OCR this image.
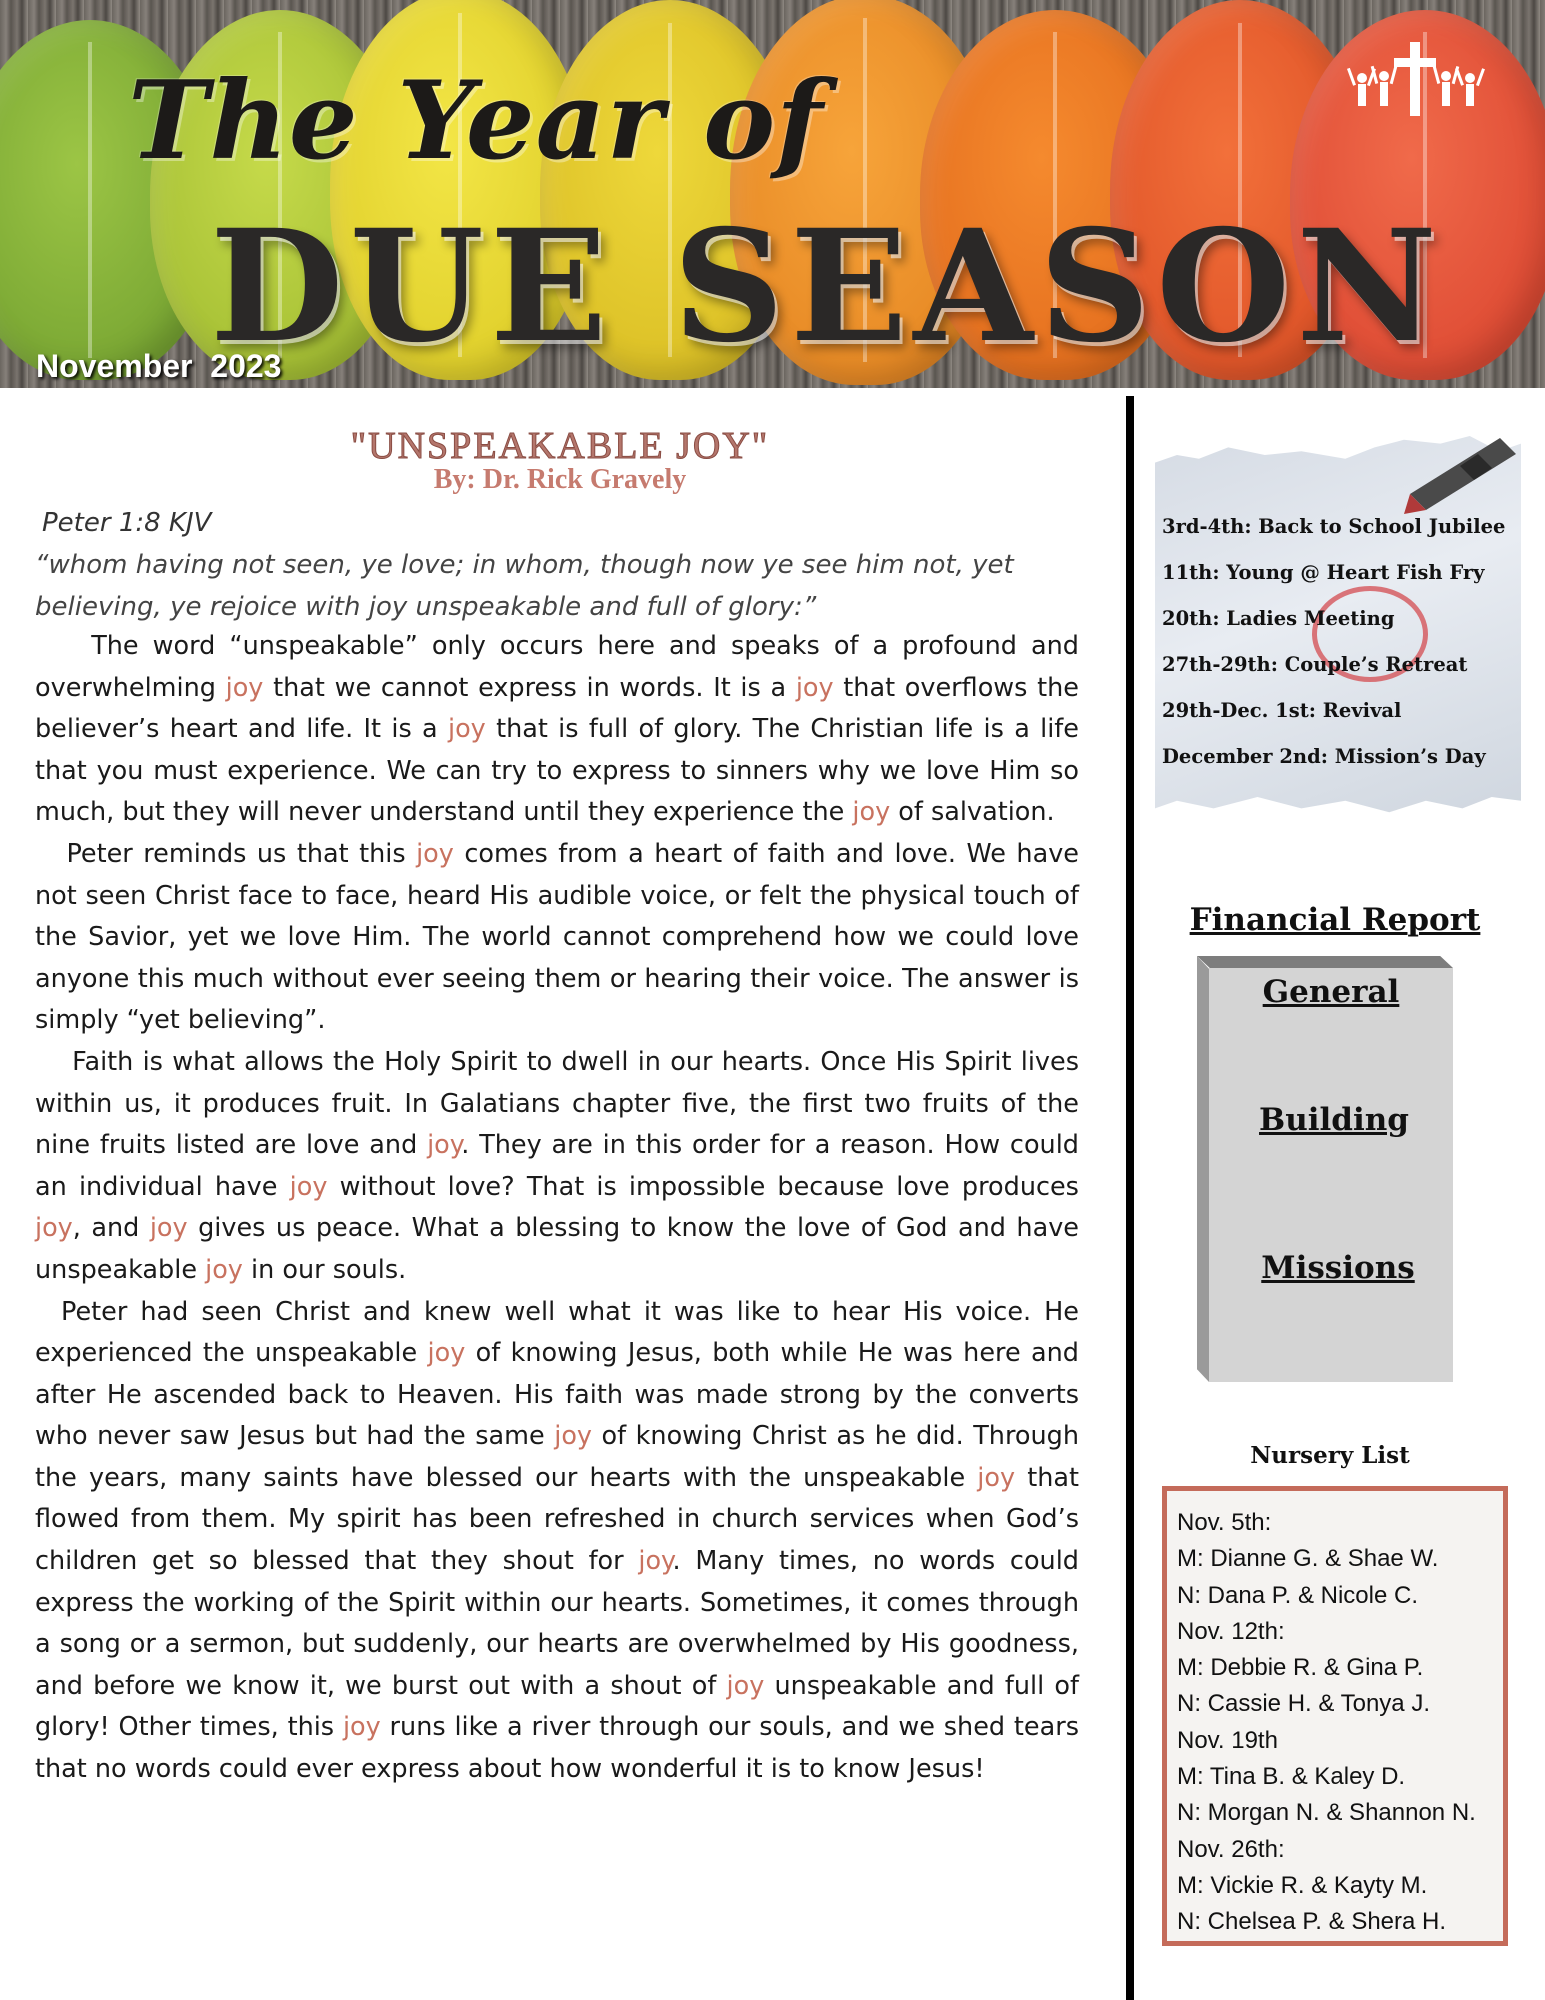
The Year of
DUE SEASON
November  2023
"UNSPEAKABLE JOY"
By: Dr. Rick Gravely
Peter 1:8 KJV
“whom having not seen, ye love; in whom, though now ye see him not, yet believing, ye rejoice with joy unspeakable and full of glory:”

The word “unspeakable” only occurs here and speaks of a profound and overwhelming joy that we cannot express in words. It is a joy that overflows the believer’s heart and life. It is a joy that is full of glory. The Christian life is a life that you must experience. We can try to express to sinners why we love Him so much, but they will never understand until they experience the joy of salvation.

Peter reminds us that this joy comes from a heart of faith and love. We have not seen Christ face to face, heard His audible voice, or felt the physical touch of the Savior, yet we love Him. The world cannot comprehend how we could love anyone this much without ever seeing them or hearing their voice. The answer is simply “yet believing”.

Faith is what allows the Holy Spirit to dwell in our hearts. Once His Spirit lives within us, it produces fruit. In Galatians chapter five, the first two fruits of the nine fruits listed are love and joy. They are in this order for a reason. How could an individual have joy without love? That is impossible because love produces joy, and joy gives us peace. What a blessing to know the love of God and have unspeakable joy in our souls.

Peter had seen Christ and knew well what it was like to hear His voice. He experienced the unspeakable joy of knowing Jesus, both while He was here and after He ascended back to Heaven. His faith was made strong by the converts who never saw Jesus but had the same joy of knowing Christ as he did. Through the years, many saints have blessed our hearts with the unspeakable joy that flowed from them. My spirit has been refreshed in church services when God’s children get so blessed that they shout for joy. Many times, no words could express the working of the Spirit within our hearts. Sometimes, it comes through a song or a sermon, but suddenly, our hearts are overwhelmed by His goodness, and before we know it, we burst out with a shout of joy unspeakable and full of glory! Other times, this joy runs like a river through our souls, and we shed tears that no words could ever express about how wonderful it is to know Jesus!

3rd-4th: Back to School Jubilee
11th: Young @ Heart Fish Fry
20th: Ladies Meeting
27th-29th: Couple’s Retreat
29th-Dec. 1st: Revival
December 2nd: Mission’s Day
Financial Report
General
Building
Missions
Nursery List
Nov. 5th:
M: Dianne G. & Shae W.
N: Dana P. & Nicole C.
Nov. 12th:
M: Debbie R. & Gina P.
N: Cassie H. & Tonya J.
Nov. 19th
M: Tina B. & Kaley D.
N: Morgan N. & Shannon N.
Nov. 26th:
M: Vickie R. & Kayty M.
N: Chelsea P. & Shera H.
